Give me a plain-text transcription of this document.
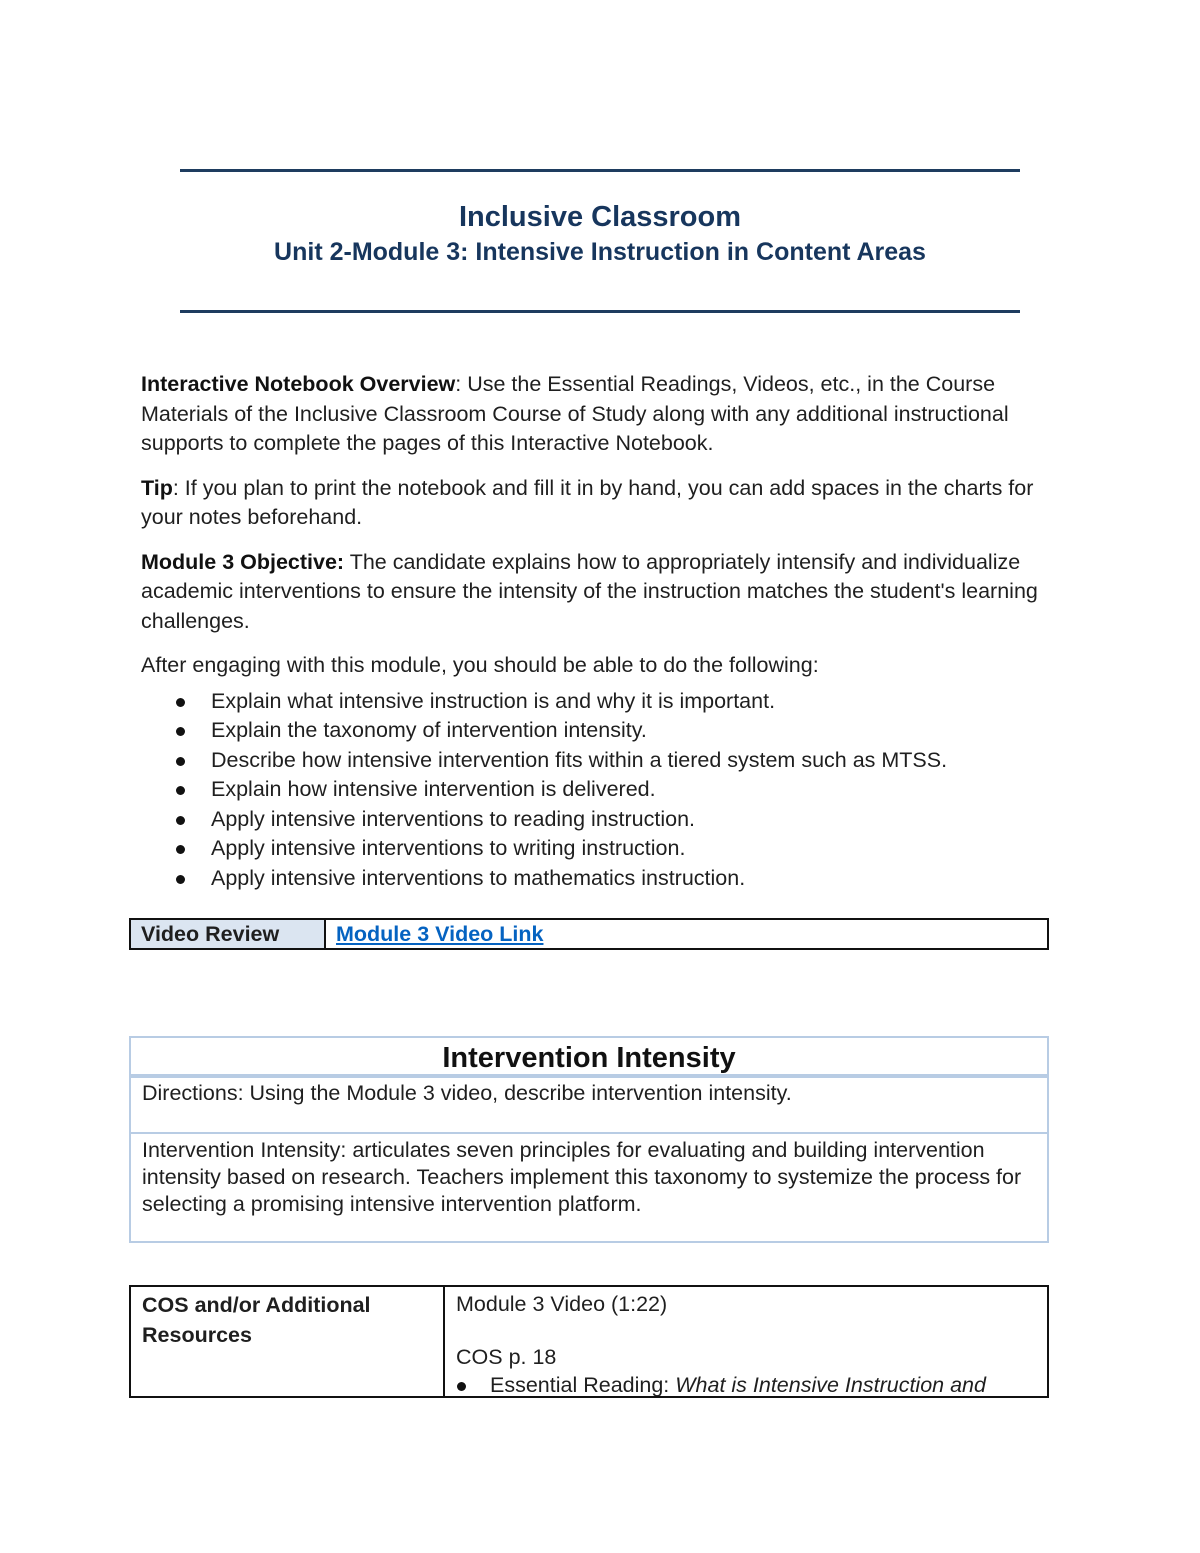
Inclusive Classroom
Unit 2-Module 3: Intensive Instruction in Content Areas

Interactive Notebook Overview: Use the Essential Readings, Videos, etc., in the Course Materials of the Inclusive Classroom Course of Study along with any additional instructional supports to complete the pages of this Interactive Notebook.

Tip: If you plan to print the notebook and fill it in by hand, you can add spaces in the charts for your notes beforehand.

Module 3 Objective: The candidate explains how to appropriately intensify and individualize academic interventions to ensure the intensity of the instruction matches the student's learning challenges.

After engaging with this module, you should be able to do the following:

Explain what intensive instruction is and why it is important.
Explain the taxonomy of intervention intensity.
Describe how intensive intervention fits within a tiered system such as MTSS.
Explain how intensive intervention is delivered.
Apply intensive interventions to reading instruction.
Apply intensive interventions to writing instruction.
Apply intensive interventions to mathematics instruction.
Video Review	Module 3 Video Link
Intervention Intensity
Directions: Using the Module 3 video, describe intervention intensity.
Intervention Intensity: articulates seven principles for evaluating and building intervention intensity based on research. Teachers implement this taxonomy to systemize the process for selecting a promising intensive intervention platform.
COS and/or Additional Resources
Module 3 Video (1:22)
COS p. 18
Essential Reading: What is Intensive Instruction and
